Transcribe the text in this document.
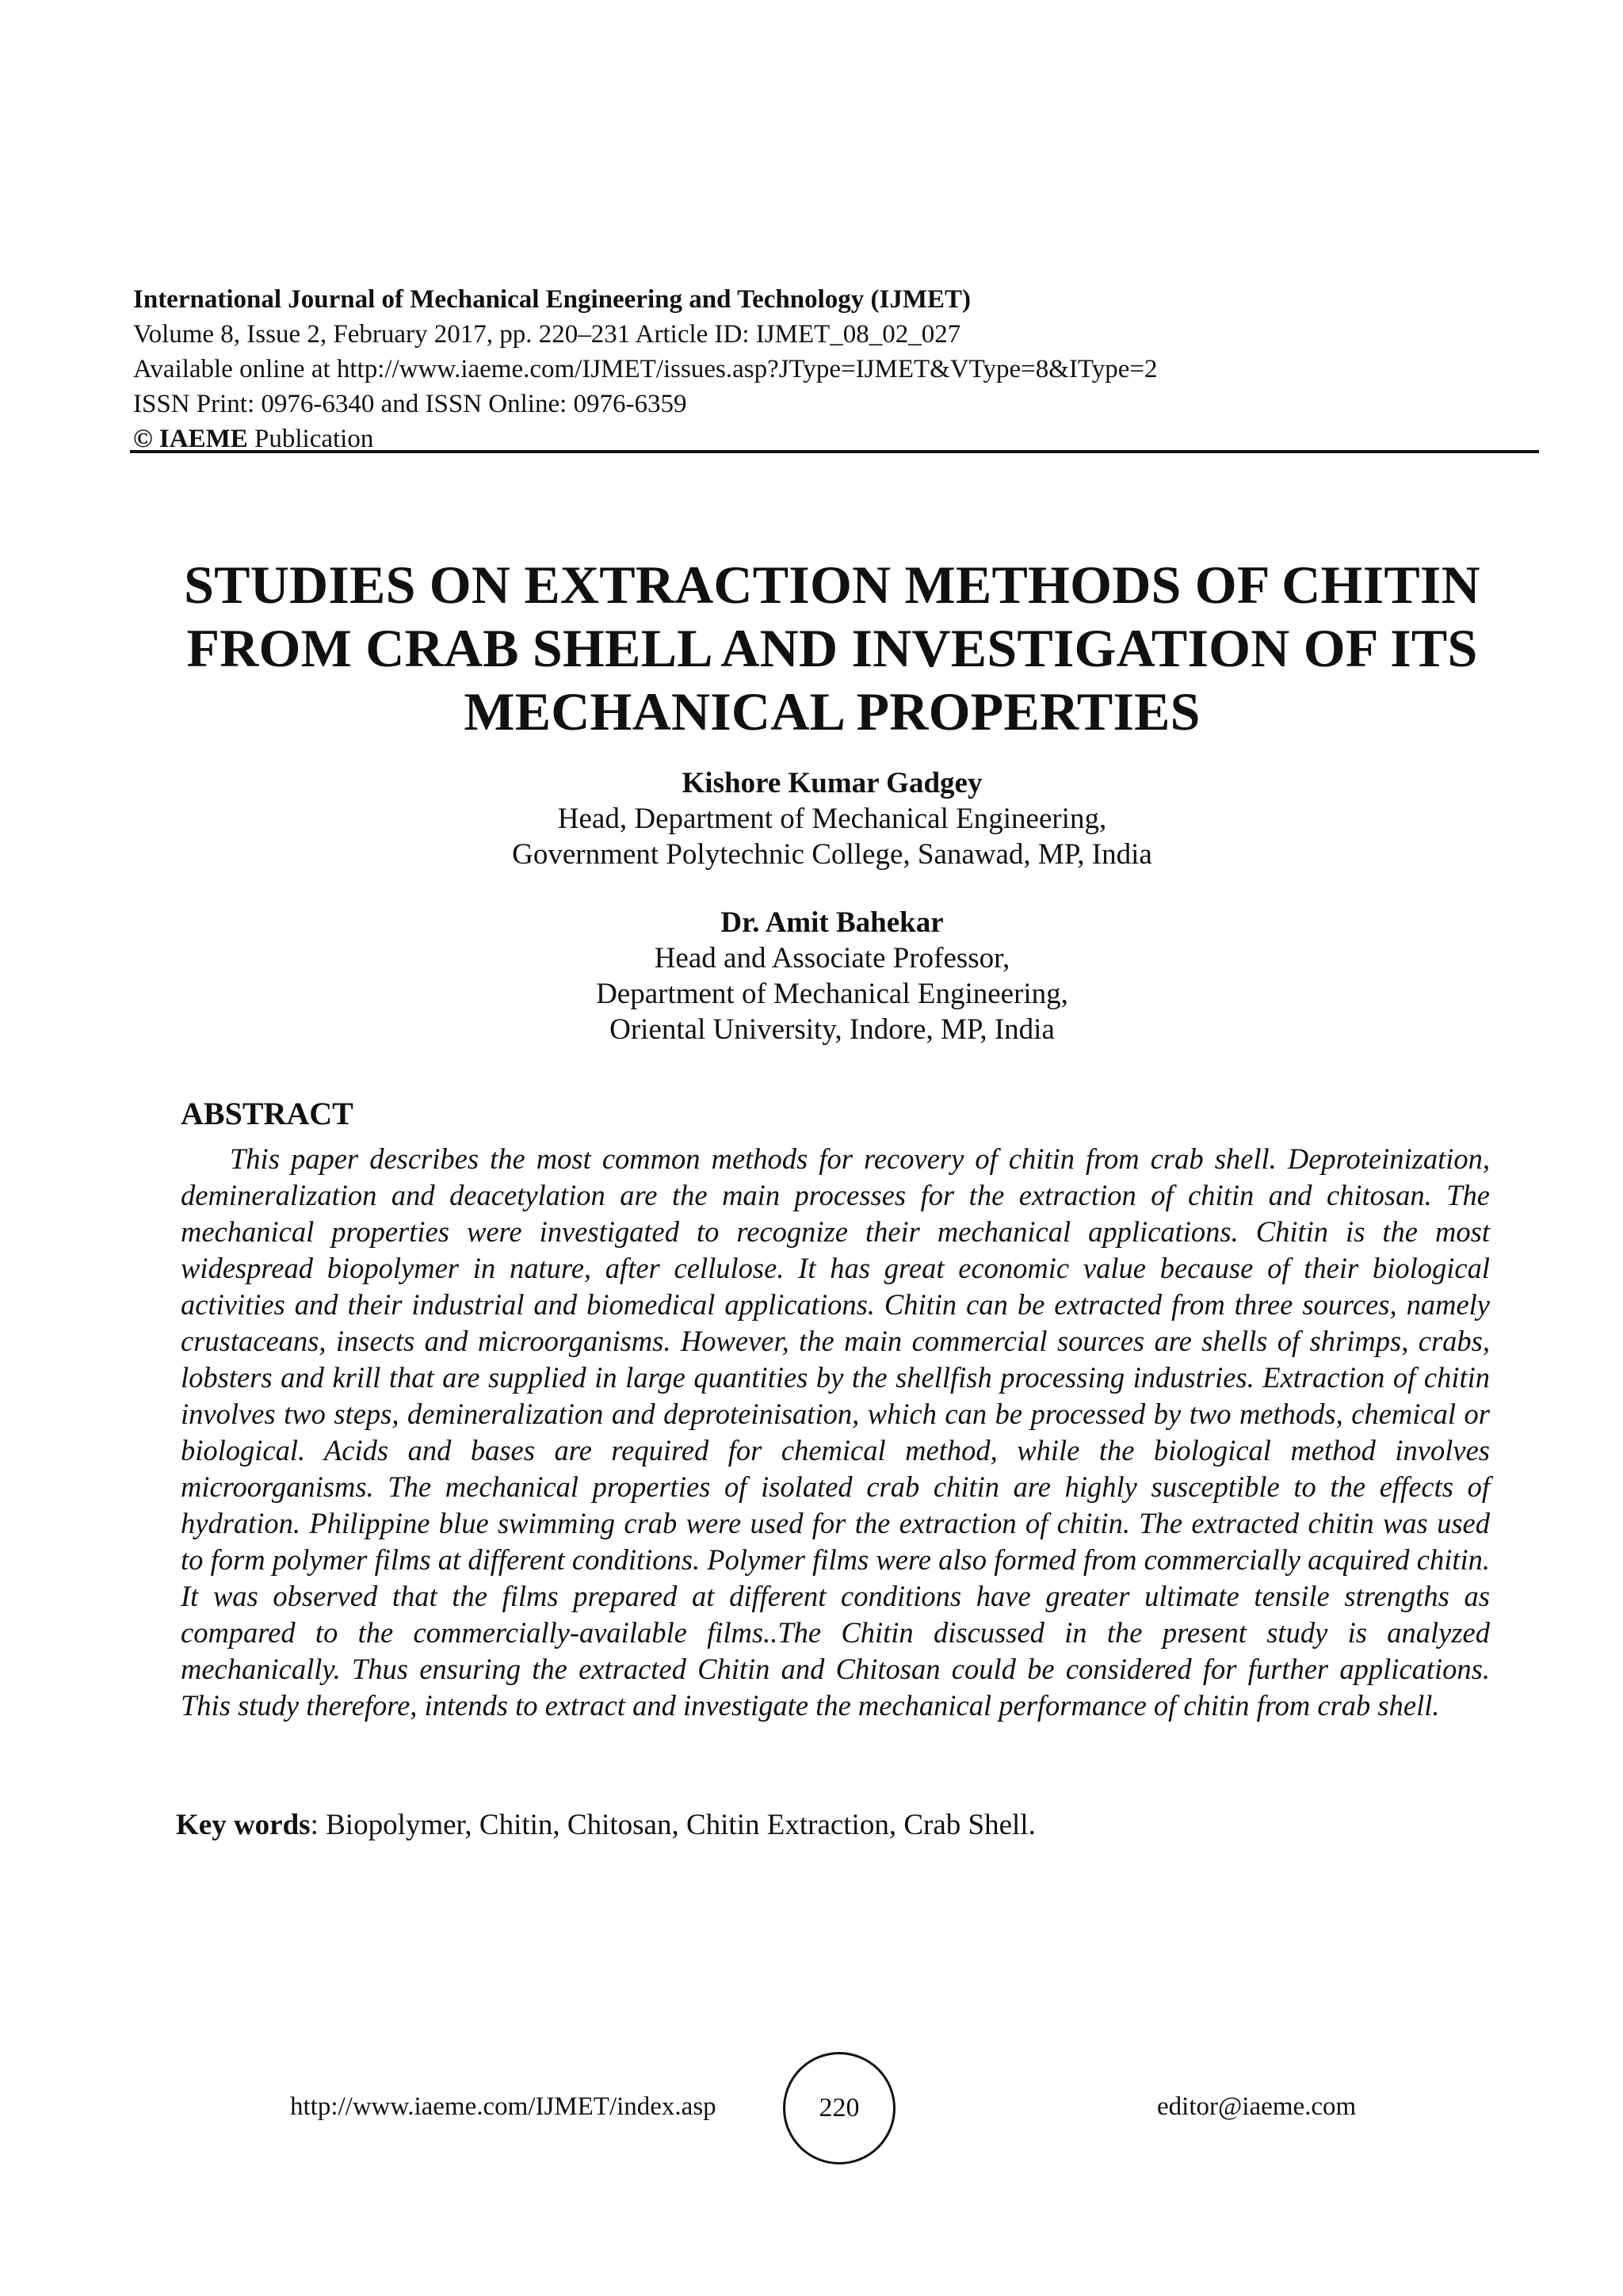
International Journal of Mechanical Engineering and Technology (IJMET)
Volume 8, Issue 2, February 2017, pp. 220–231 Article ID: IJMET_08_02_027
Available online at http://www.iaeme.com/IJMET/issues.asp?JType=IJMET&VType=8&IType=2
ISSN Print: 0976-6340 and ISSN Online: 0976-6359
© IAEME Publication
STUDIES ON EXTRACTION METHODS OF CHITIN
FROM CRAB SHELL AND INVESTIGATION OF ITS
MECHANICAL PROPERTIES
Kishore Kumar Gadgey
Head, Department of Mechanical Engineering,
Government Polytechnic College, Sanawad, MP, India
Dr. Amit Bahekar
Head and Associate Professor,
Department of Mechanical Engineering,
Oriental University, Indore, MP, India
ABSTRACT
This paper describes the most common methods for recovery of chitin from crab shell. Deproteinization, demineralization and deacetylation are the main processes for the extraction of chitin and chitosan. The mechanical properties were investigated to recognize their mechanical applications. Chitin is the most widespread biopolymer in nature, after cellulose. It has great economic value because of their biological activities and their industrial and biomedical applications. Chitin can be extracted from three sources, namely crustaceans, insects and microorganisms. However, the main commercial sources are shells of shrimps, crabs, lobsters and krill that are supplied in large quantities by the shellfish processing industries. Extraction of chitin involves two steps, demineralization and deproteinisation, which can be processed by two methods, chemical or biological. Acids and bases are required for chemical method, while the biological method involves microorganisms. The mechanical properties of isolated crab chitin are highly susceptible to the effects of hydration. Philippine blue swimming crab were used for the extraction of chitin. The extracted chitin was used to form polymer films at different conditions. Polymer films were also formed from commercially acquired chitin. It was observed that the films prepared at different conditions have greater ultimate tensile strengths as compared to the commercially-available films..The Chitin discussed in the present study is analyzed mechanically. Thus ensuring the extracted Chitin and Chitosan could be considered for further applications. This study therefore, intends to extract and investigate the mechanical performance of chitin from crab shell.
Key words: Biopolymer, Chitin, Chitosan, Chitin Extraction, Crab Shell.
http://www.iaeme.com/IJMET/index.asp	220	editor@iaeme.com
